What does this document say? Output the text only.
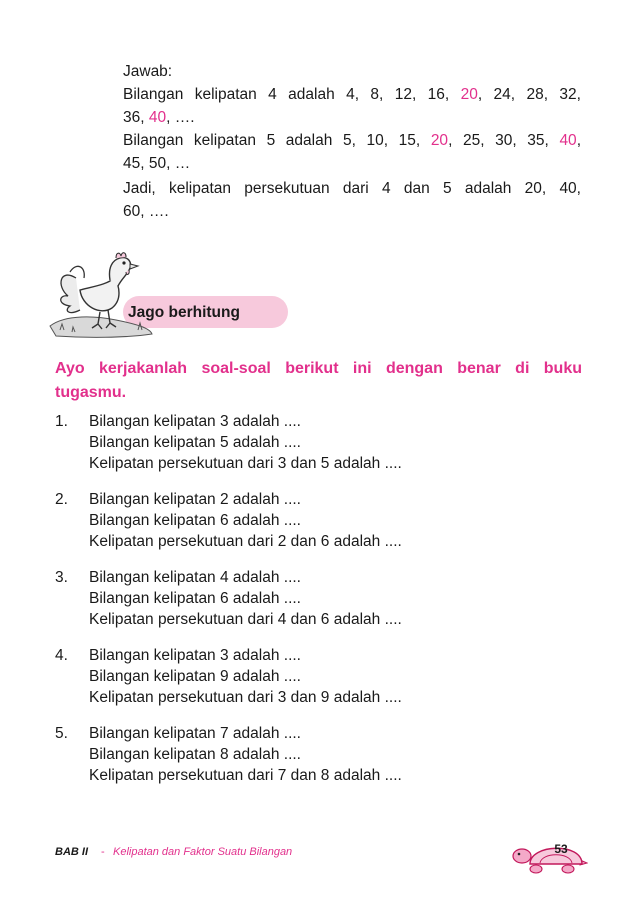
Jawab:
Bilangan kelipatan 4 adalah 4, 8, 12, 16, 20, 24, 28, 32,
36, 40, ….
Bilangan kelipatan 5 adalah 5, 10, 15, 20, 25, 30, 35, 40,
45, 50, …
Jadi, kelipatan persekutuan dari 4 dan 5 adalah 20, 40,
60, ….
Jago berhitung
Ayo kerjakanlah soal-soal berikut ini dengan benar di buku
tugasmu.
1.	Bilangan kelipatan 3 adalah ....
Bilangan kelipatan 5 adalah ....
Kelipatan persekutuan dari 3 dan 5 adalah ....
2.	Bilangan kelipatan 2 adalah ....
Bilangan kelipatan 6 adalah ....
Kelipatan persekutuan dari 2 dan 6 adalah ....
3.	Bilangan kelipatan 4 adalah ....
Bilangan kelipatan 6 adalah ....
Kelipatan persekutuan dari 4 dan 6 adalah ....
4.	Bilangan kelipatan 3 adalah ....
Bilangan kelipatan 9 adalah ....
Kelipatan persekutuan dari 3 dan 9 adalah ....
5.	Bilangan kelipatan 7 adalah ....
Bilangan kelipatan 8 adalah ....
Kelipatan persekutuan dari 7 dan 8 adalah ....
BAB II - Kelipatan dan Faktor Suatu Bilangan	53
